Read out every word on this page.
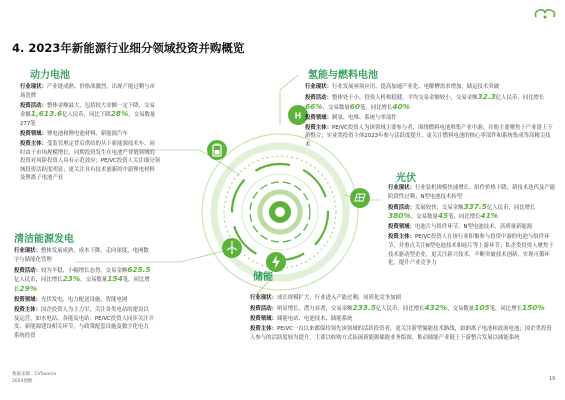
4. 2023年新能源行业细分领域投资并购概览
H
动力电池

行业现状：产业链成熟、价格战激烈，出现产能过剩与市场洗牌

投资活动：整体金额最大，包括较大金额一定下降，交易金额1,613.6亿人民币，同比下降28%，交易数量277笔

投资领域：锂电池和锂电池材料、新能源汽车

投资主体：受监管规定背后供给的丛下新能源技术车、同时由于市场规模增长、同期投资发生在电池产业链领域的投资对风险投资人具有示范效应；PE/VC投资人关注细分领域投资活跃度明显；更关注具有技术创新的中游锂电材料及锂离子电池产业

氢能与燃料电池

行业现状：行业发展亟须应用、提高加速产业化、电解槽需求增加，储运技术突破

投资活动：整体处于小、投资人机构稳健、平均交易金额较小，交易金额32.3亿人民币，同比增长66%，交易数量60笔，同比增长40%

投资领域：制氢、电堆、系统与零部件

投资主体：PE/VC投资人为该领域主要参与者，围绕燃料电池堆集产业中游；并购主要聚焦于产业链上下游整合；实业类投资主体2023年参与活跃度提升，更关注燃料电池的核心零部件和系统集成等高精尖技术

光伏

行业现状：行业装机规模快速增长、组件价格下降，新技术迭代及产能阶段性过剩；N型电池技术转型

投资活动：发展较快，交易金额337.5亿人民币，同比增长380%，交易数量45笔，同比增长41%

投资领域：电池片与组件环节、N型电池技术、高质量新能源

投资主体：PE/VC投资人在该行业积极参与投资中游的电池与组件环节，并重点关注N型电池技术和硅片等上游环节；私企类投资人聚焦于技术驱动型企业，更关注新兴技术，不断突破技术创新，实现可循环化，提升产业竞争力

清洁能源发电

行业现状：整体发展成熟、成本下降，走向深度，电网数字与储能化管理

投资活动：较为平稳，小幅增长态势，交易金额625.5亿人民币，同比增长23%，交易数量154笔，同比增长29%

投资领域：光伏发电、电力配送设施、智能电网

投资主体：国企投资人为主力军，关注各类电站的建设以及运营，如水电站、各能及电站；PE/VC投资人同步关注开发、新能源建设相关环节，与政策配套设施及数字化电力系统投资

储能

行业现状：成长规模扩大，行业进入产能过剩，同质化竞争加剧

投资活动：明显增长，潜力显著，交易金额233.5亿人民币，同比增长432%，交易数量105笔，同比增长150%

投资领域：储能电站、电池技术、储能系统

投资主体：PE/VC一直以来都保持领先该领域的活跃投资者，更关注新型储能技术路线，如钠离子电池和液流电池；国企类投资人参与的活跃度较为提升，主要以收购方式拓展新能源储能业务版图，推动储能产业链上下游整合发展以储能系统

数据来源：CVSource
2024德勤	19
